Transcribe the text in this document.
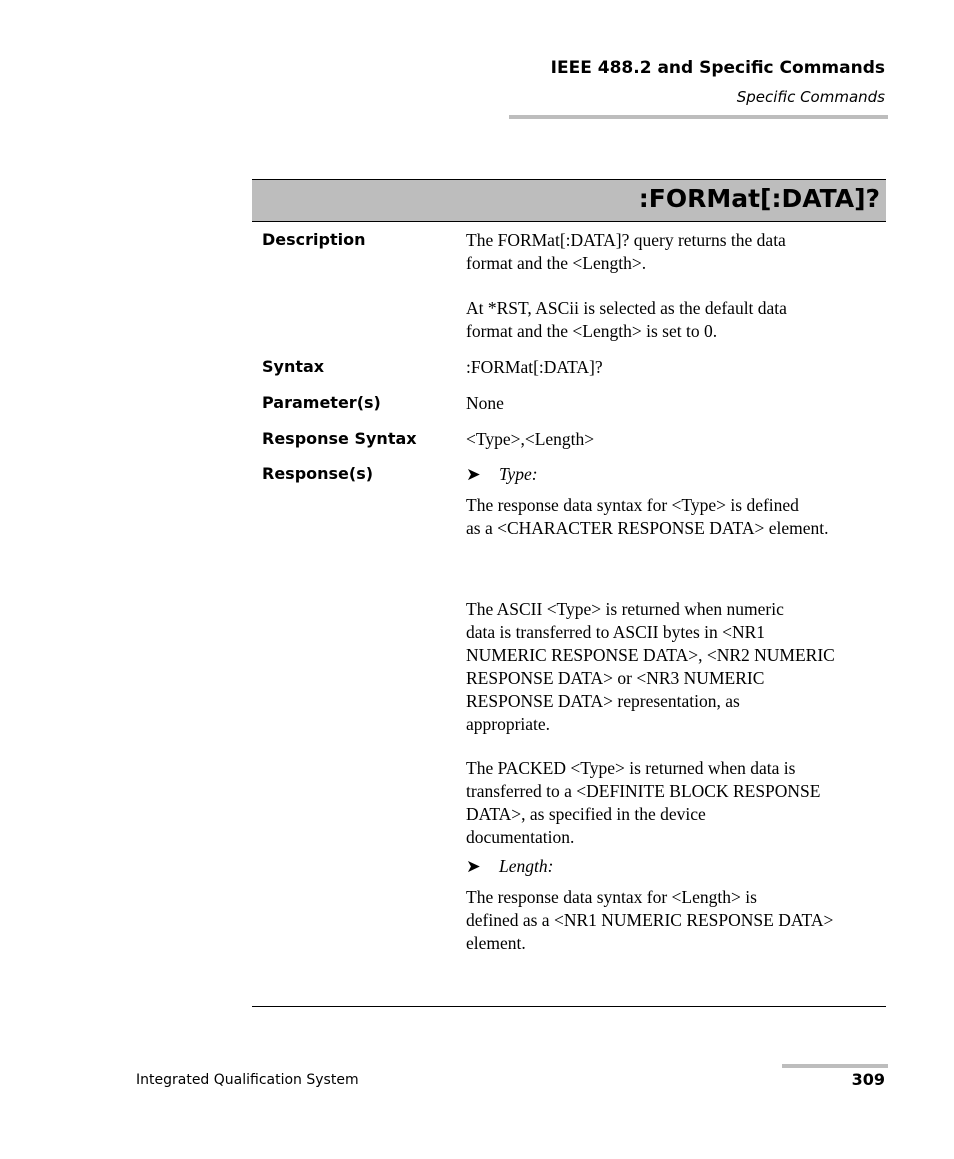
IEEE 488.2 and Specific Commands
Specific Commands
:FORMat[:DATA]?
Description	The FORMat[:DATA]? query returns the data
format and the <Length>.
At *RST, ASCii is selected as the default data
format and the <Length> is set to 0.
Syntax	:FORMat[:DATA]?
Parameter(s)	None
Response Syntax	<Type>,<Length>
Response(s)	➤ Type:
The response data syntax for <Type> is defined
as a <CHARACTER RESPONSE DATA> element.
The ASCII <Type> is returned when numeric
data is transferred to ASCII bytes in <NR1
NUMERIC RESPONSE DATA>, <NR2 NUMERIC
RESPONSE DATA> or <NR3 NUMERIC
RESPONSE DATA> representation, as
appropriate.
The PACKED <Type> is returned when data is
transferred to a <DEFINITE BLOCK RESPONSE
DATA>, as specified in the device
documentation.
➤ Length:
The response data syntax for <Length> is
defined as a <NR1 NUMERIC RESPONSE DATA>
element.
Integrated Qualification System	309
